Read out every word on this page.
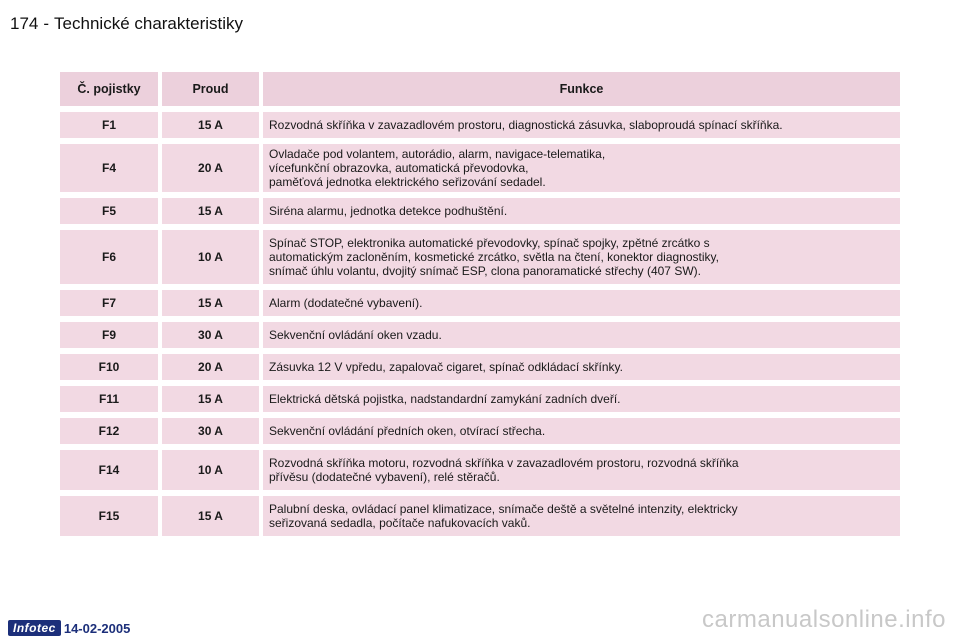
174 - Technické charakteristiky
Č. pojistky	Proud	Funkce
F1	15 A	Rozvodná skříňka v zavazadlovém prostoru, diagnostická zásuvka, slaboproudá spínací skříňka.
F4	20 A	Ovladače pod volantem, autorádio, alarm, navigace-telematika,
vícefunkční obrazovka, automatická převodovka,
paměťová jednotka elektrického seřizování sedadel.
F5	15 A	Siréna alarmu, jednotka detekce podhuštění.
F6	10 A	Spínač STOP, elektronika automatické převodovky, spínač spojky, zpětné zrcátko s
automatickým zacloněním, kosmetické zrcátko, světla na čtení, konektor diagnostiky,
snímač úhlu volantu, dvojitý snímač ESP, clona panoramatické střechy (407 SW).
F7	15 A	Alarm (dodatečné vybavení).
F9	30 A	Sekvenční ovládání oken vzadu.
F10	20 A	Zásuvka 12 V vpředu, zapalovač cigaret, spínač odkládací skřínky.
F11	15 A	Elektrická dětská pojistka, nadstandardní zamykání zadních dveří.
F12	30 A	Sekvenční ovládání předních oken, otvírací střecha.
F14	10 A	Rozvodná skříňka motoru, rozvodná skříňka v zavazadlovém prostoru, rozvodná skříňka
přívěsu (dodatečné vybavení), relé stěračů.
F15	15 A	Palubní deska, ovládací panel klimatizace, snímače deště a světelné intenzity, elektricky
seřizovaná sedadla, počítače nafukovacích vaků.
Infotec 14-02-2005	carmanualsonline.info
